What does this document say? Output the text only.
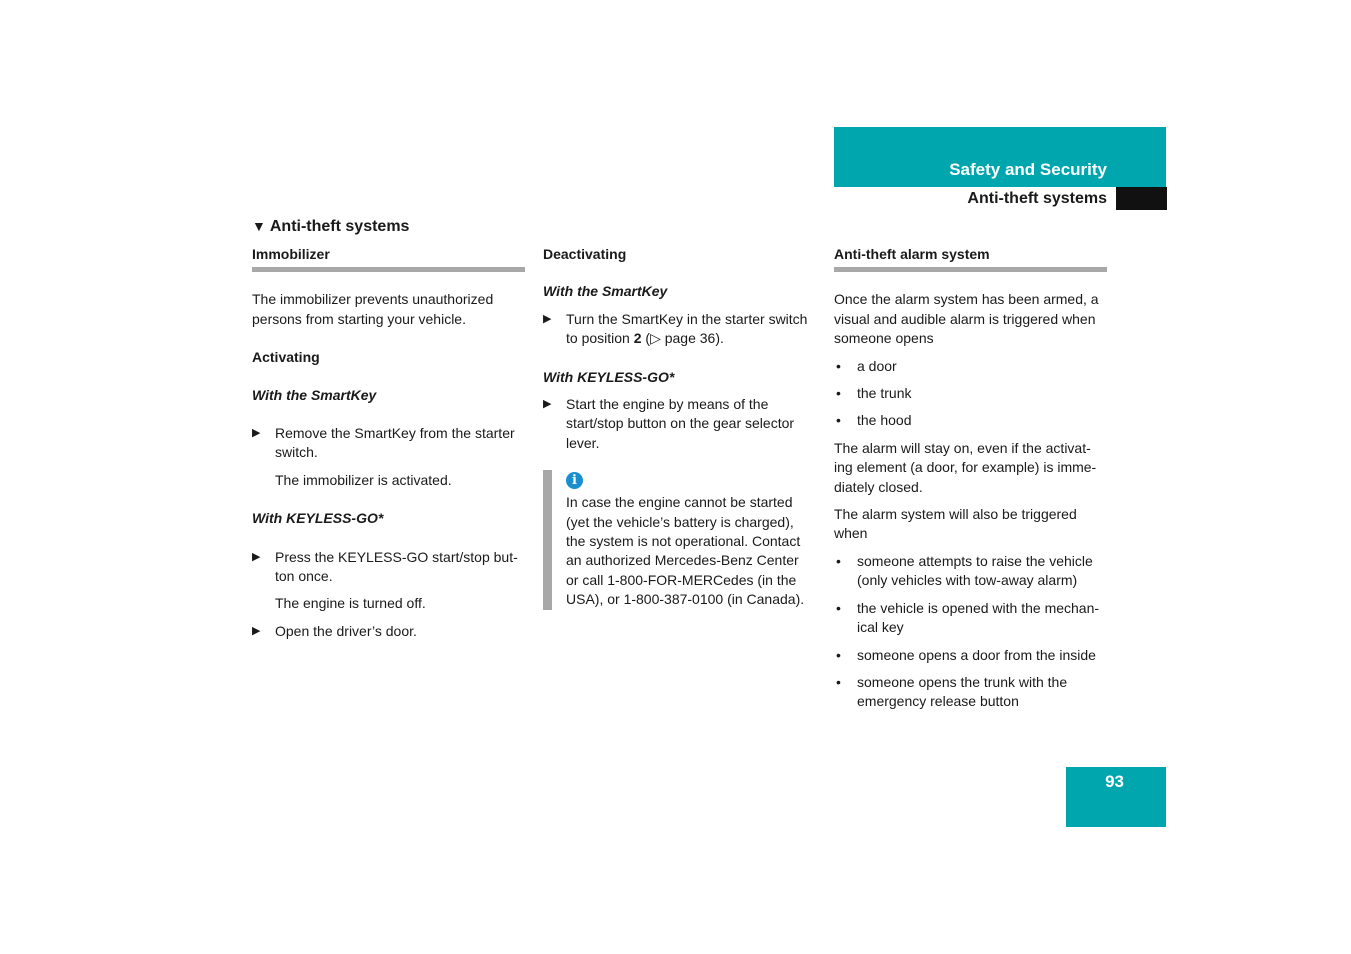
Safety and Security
Anti-theft systems
▼ Anti-theft systems
Immobilizer

The immobilizer prevents unauthorized persons from starting your vehicle.

Activating
With the SmartKey
▶ Remove the SmartKey from the starter switch.
The immobilizer is activated.
With KEYLESS-GO*
▶ Press the KEYLESS-GO start/stop but-ton once.
The engine is turned off.
▶ Open the driver’s door.
Deactivating
With the SmartKey
▶ Turn the SmartKey in the starter switch to position 2 (▷ page 36).
With KEYLESS-GO*
▶ Start the engine by means of the start/stop button on the gear selector lever.
i
In case the engine cannot be started (yet the vehicle’s battery is charged), the system is not operational. Contact an authorized Mercedes-Benz Center or call 1-800-FOR-MERCedes (in the USA), or 1-800-387-0100 (in Canada).
Anti-theft alarm system

Once the alarm system has been armed, a visual and audible alarm is triggered when someone opens

• a door
• the trunk
• the hood

The alarm will stay on, even if the activat-ing element (a door, for example) is imme-diately closed.

The alarm system will also be triggered when

• someone attempts to raise the vehicle (only vehicles with tow-away alarm)
• the vehicle is opened with the mechan-ical key
• someone opens a door from the inside
• someone opens the trunk with the emergency release button
93
